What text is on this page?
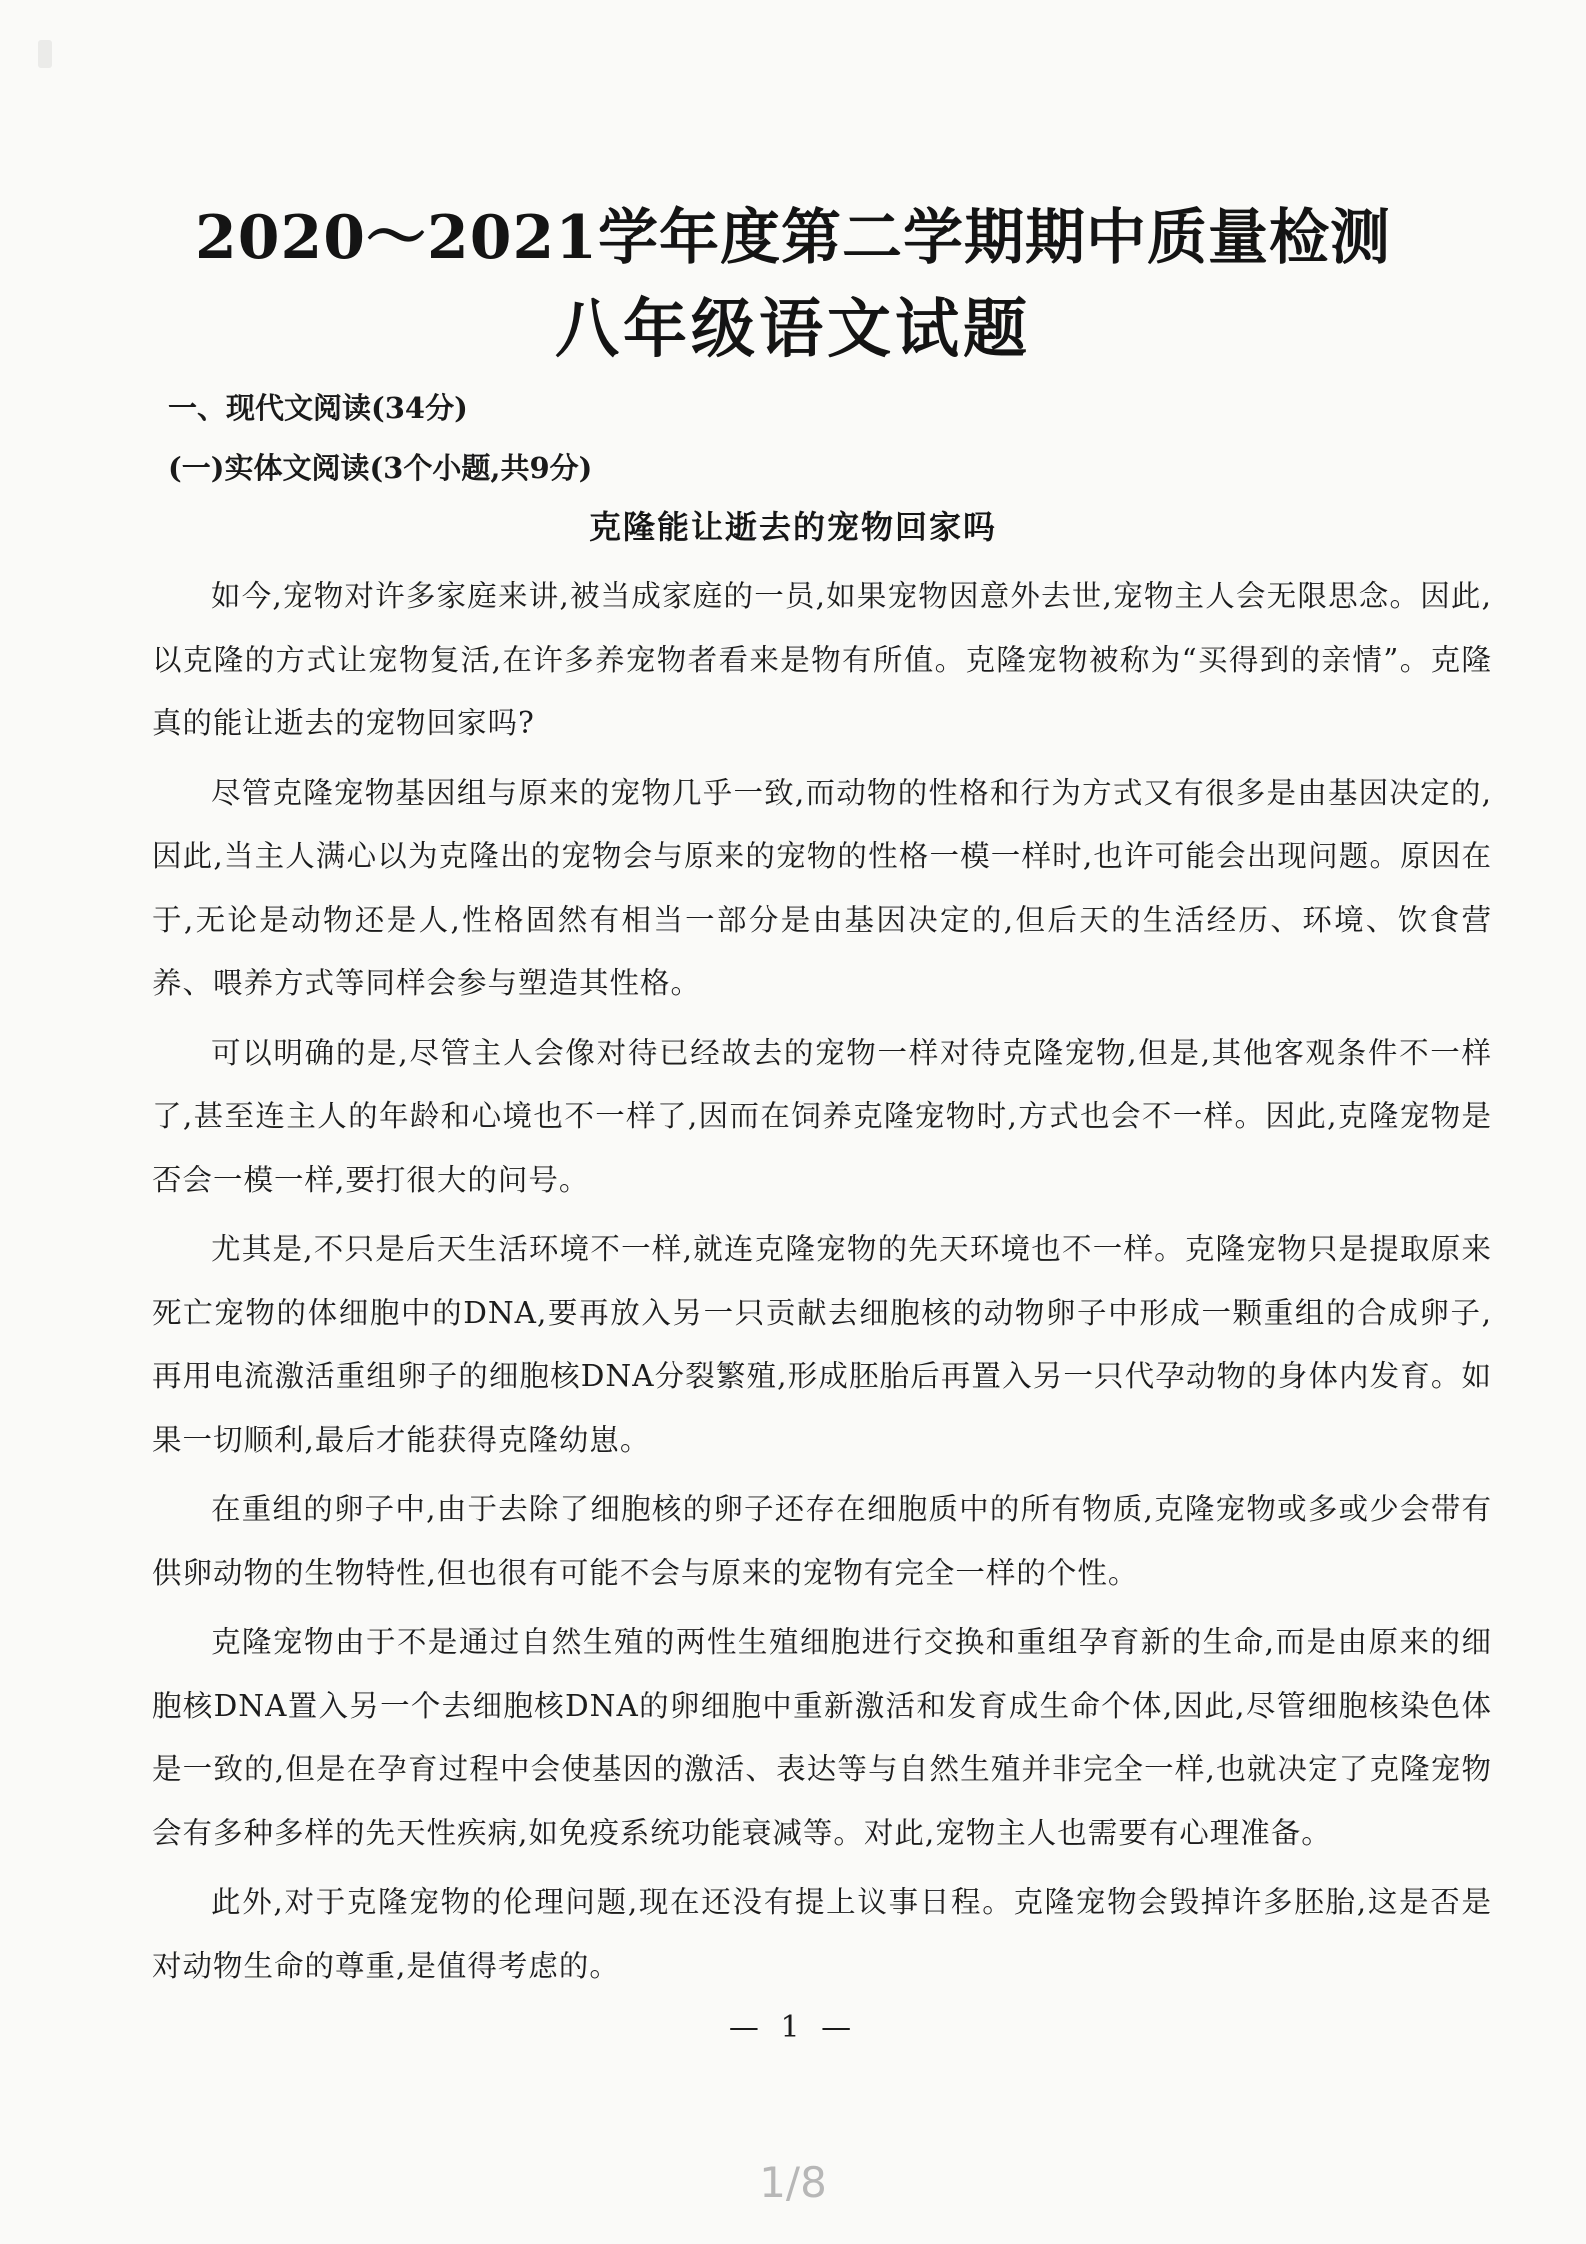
2020～2021学年度第二学期期中质量检测
八年级语文试题
一、现代文阅读(34分)
(一)实体文阅读(3个小题,共9分)
克隆能让逝去的宠物回家吗

如今,宠物对许多家庭来讲,被当成家庭的一员,如果宠物因意外去世,宠物主人会无限思念。因此,以克隆的方式让宠物复活,在许多养宠物者看来是物有所值。克隆宠物被称为“买得到的亲情”。克隆真的能让逝去的宠物回家吗?

尽管克隆宠物基因组与原来的宠物几乎一致,而动物的性格和行为方式又有很多是由基因决定的,因此,当主人满心以为克隆出的宠物会与原来的宠物的性格一模一样时,也许可能会出现问题。原因在于,无论是动物还是人,性格固然有相当一部分是由基因决定的,但后天的生活经历、环境、饮食营养、喂养方式等同样会参与塑造其性格。

可以明确的是,尽管主人会像对待已经故去的宠物一样对待克隆宠物,但是,其他客观条件不一样了,甚至连主人的年龄和心境也不一样了,因而在饲养克隆宠物时,方式也会不一样。因此,克隆宠物是否会一模一样,要打很大的问号。

尤其是,不只是后天生活环境不一样,就连克隆宠物的先天环境也不一样。克隆宠物只是提取原来死亡宠物的体细胞中的DNA,要再放入另一只贡献去细胞核的动物卵子中形成一颗重组的合成卵子,再用电流激活重组卵子的细胞核DNA分裂繁殖,形成胚胎后再置入另一只代孕动物的身体内发育。如果一切顺利,最后才能获得克隆幼崽。

在重组的卵子中,由于去除了细胞核的卵子还存在细胞质中的所有物质,克隆宠物或多或少会带有供卵动物的生物特性,但也很有可能不会与原来的宠物有完全一样的个性。

克隆宠物由于不是通过自然生殖的两性生殖细胞进行交换和重组孕育新的生命,而是由原来的细胞核DNA置入另一个去细胞核DNA的卵细胞中重新激活和发育成生命个体,因此,尽管细胞核染色体是一致的,但是在孕育过程中会使基因的激活、表达等与自然生殖并非完全一样,也就决定了克隆宠物会有多种多样的先天性疾病,如免疫系统功能衰减等。对此,宠物主人也需要有心理准备。

此外,对于克隆宠物的伦理问题,现在还没有提上议事日程。克隆宠物会毁掉许多胚胎,这是否是对动物生命的尊重,是值得考虑的。

— 1 —
1/8
